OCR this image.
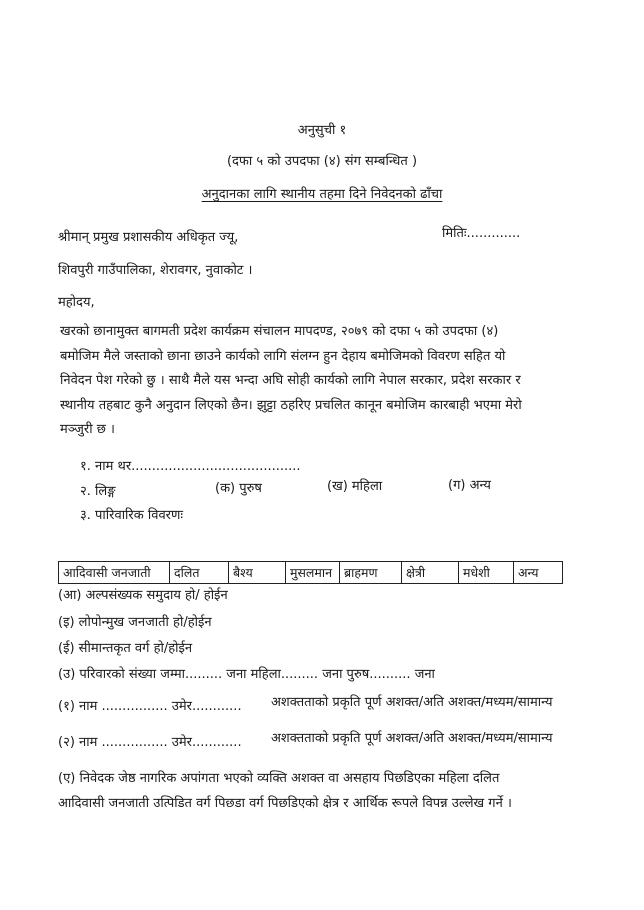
अनुसुची १
(दफा ५ को उपदफा (४) संग सम्बन्धित )
अनुदानका लागि स्थानीय तहमा दिने निवेदनको ढाँचा
श्रीमान् प्रमुख प्रशासकीय अधिकृत ज्यू,	मितिः.............
शिवपुरी गाउँपालिका, शेरावगर, नुवाकोट ।
महोदय,
खरको छानामुक्त बागमती प्रदेश कार्यक्रम संचालन मापदण्ड, २०७९ को दफा ५ को उपदफा (४)
बमोजिम मैले जस्ताको छाना छाउने कार्यको लागि संलग्न हुन देहाय बमोजिमको विवरण सहित यो
निवेदन पेश गरेको छु । साथै मैले यस भन्दा अघि सोही कार्यको लागि नेपाल सरकार, प्रदेश सरकार र
स्थानीय तहबाट कुनै अनुदान लिएको छैन। झुट्टा ठहरिए प्रचलित कानून बमोजिम कारबाही भएमा मेरो
मञ्जुरी छ ।
१. नाम थर.........................................
२. लिङ्ग	(क) पुरुष	(ख) महिला	(ग) अन्य
३. पारिवारिक विवरणः
आदिवासी जनजाती	दलित	बैश्य	मुसलमान	ब्राहमण	क्षेत्री	मधेशी	अन्य
(आ) अल्पसंख्यक समुदाय हो/ होईन
(इ) लोपोन्मुख जनजाती हो/होईन
(ई) सीमान्तकृत वर्ग हो/होईन
(उ) परिवारको संख्या जम्मा......... जना महिला......... जना पुरुष.......... जना
(१) नाम ................ उमेर............ अशक्तताको प्रकृति पूर्ण अशक्त/अति अशक्त/मध्यम/सामान्य
(२) नाम ................ उमेर............ अशक्तताको प्रकृति पूर्ण अशक्त/अति अशक्त/मध्यम/सामान्य
(ए) निवेदक जेष्ठ नागरिक अपांगता भएको व्यक्ति अशक्त वा असहाय पिछडिएका महिला दलित
आदिवासी जनजाती उत्पिडित वर्ग पिछडा वर्ग पिछडिएको क्षेत्र र आर्थिक रूपले विपन्न उल्लेख गर्ने ।
